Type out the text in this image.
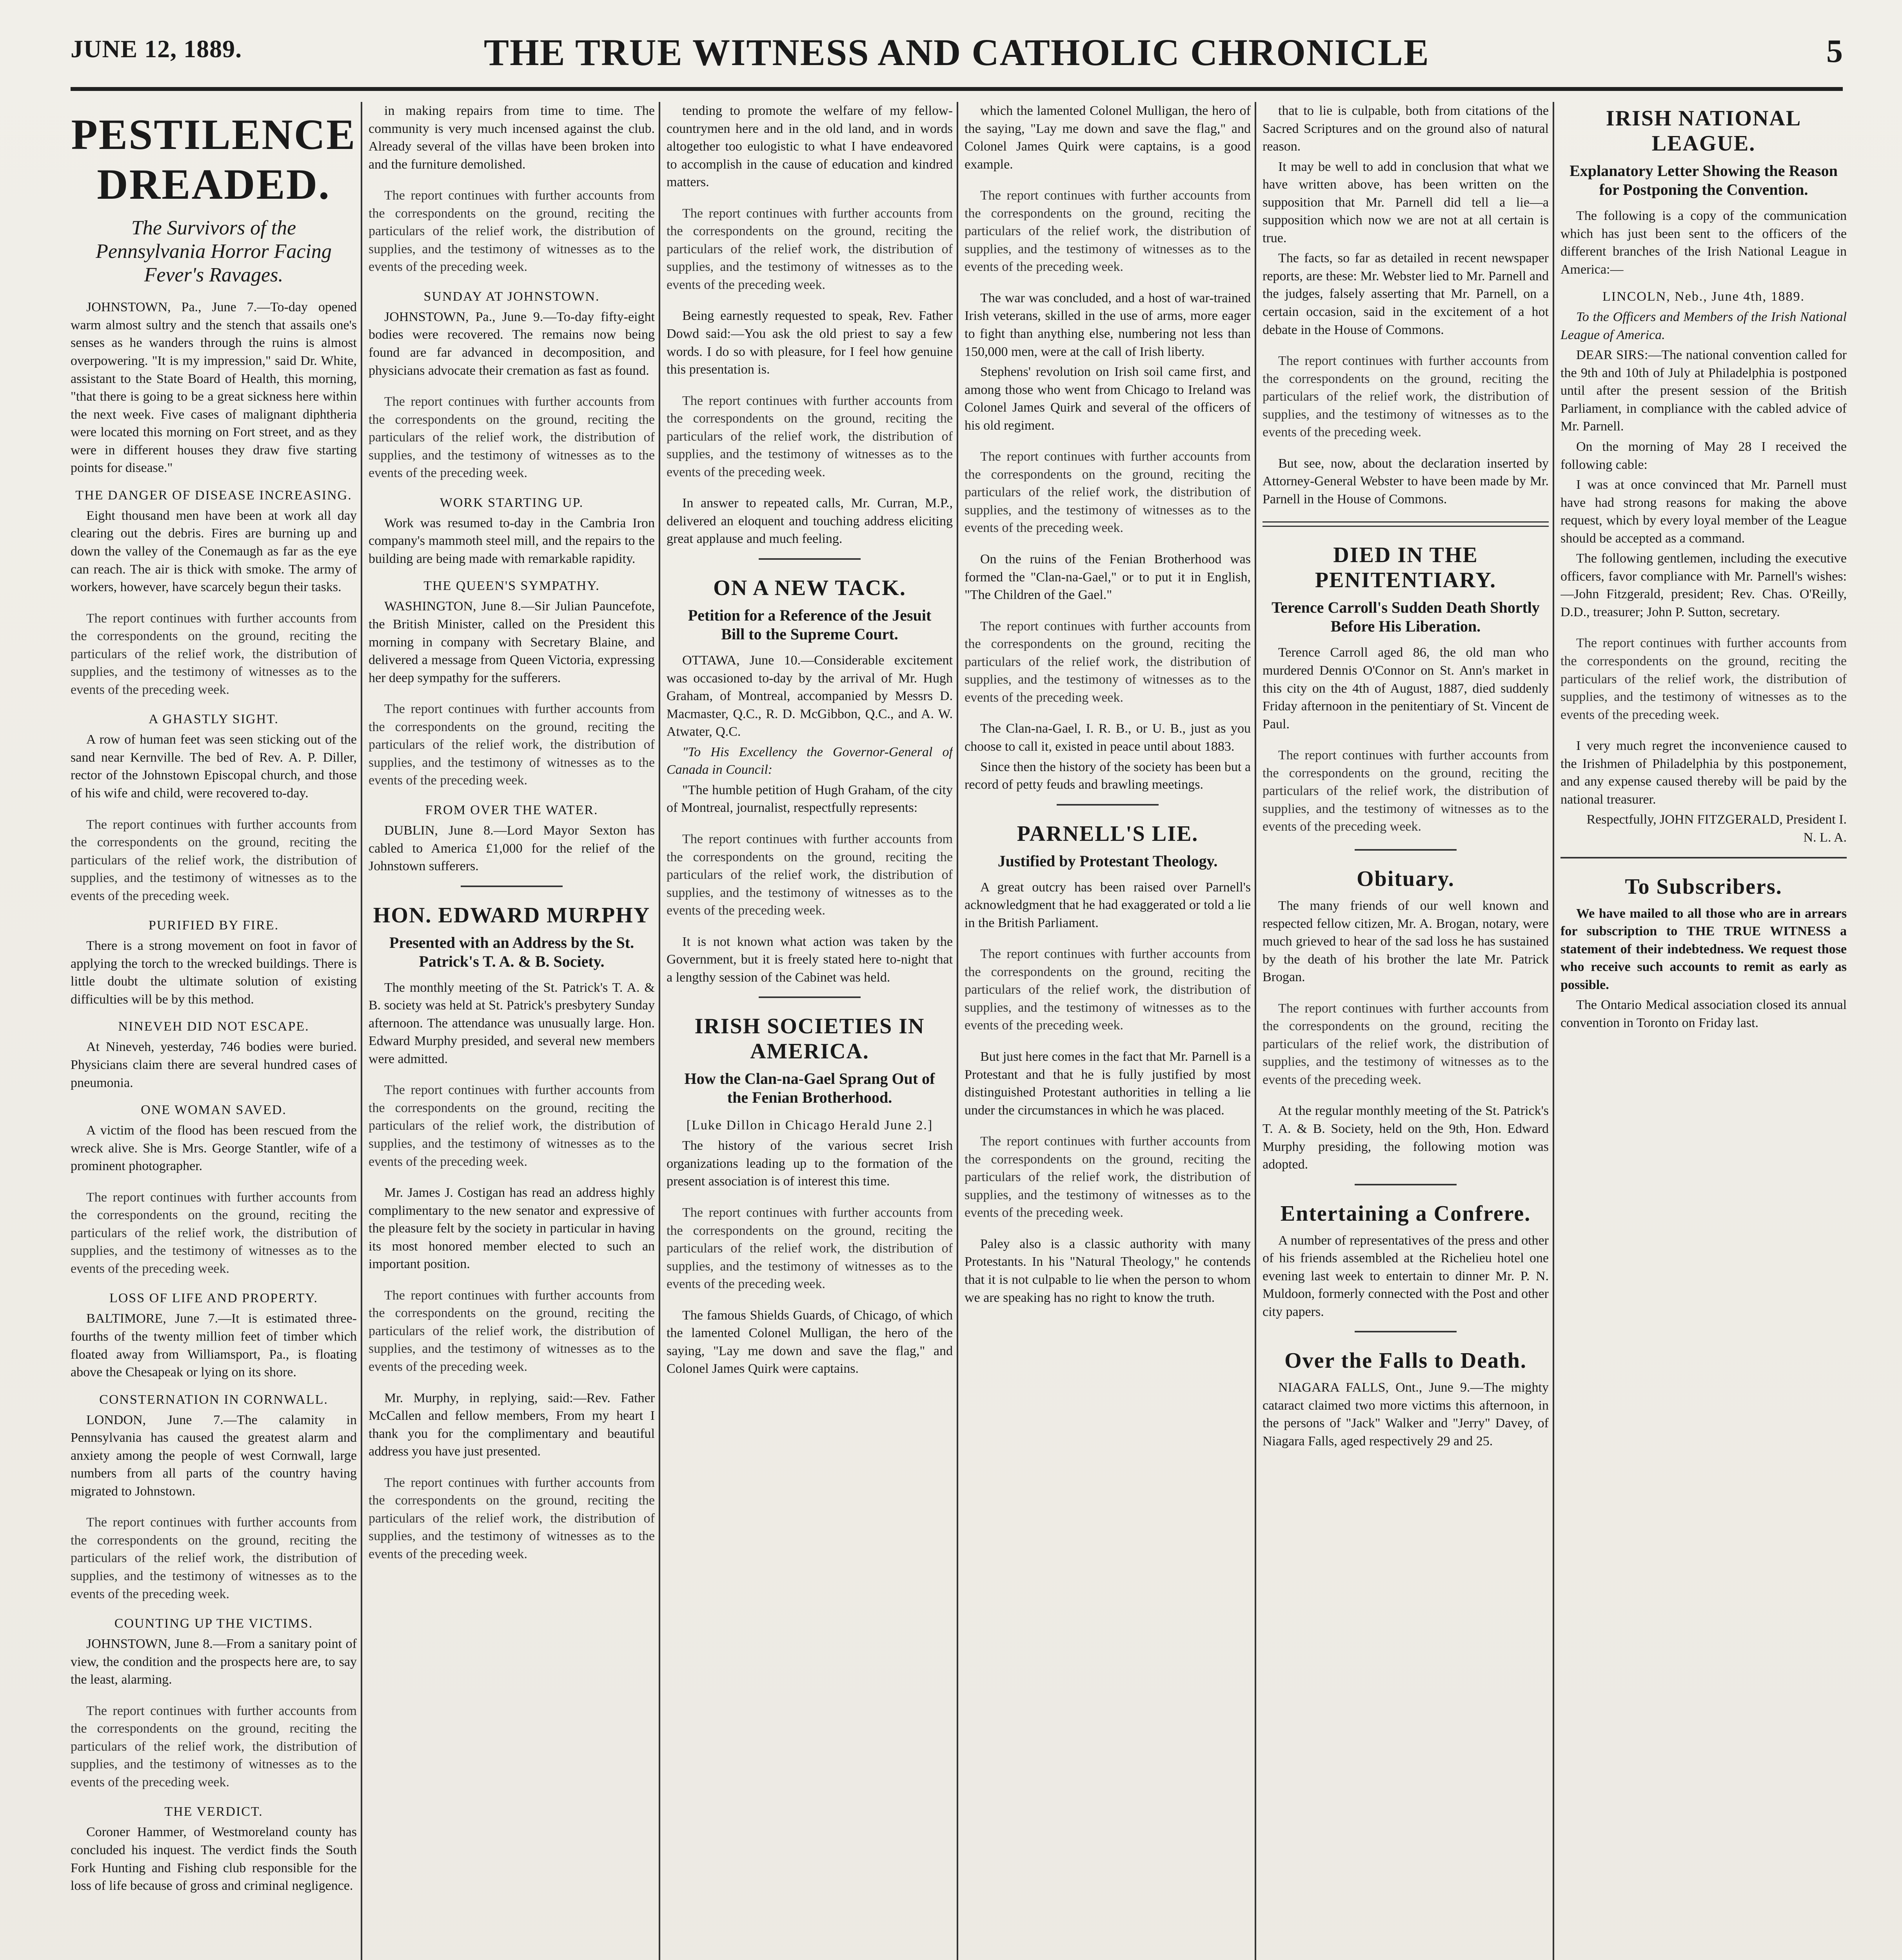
JUNE 12, 1889.	THE TRUE WITNESS AND CATHOLIC CHRONICLE	5
PESTILENCE DREADED.
The Survivors of the Pennsylvania Horror Facing Fever's Ravages.

JOHNSTOWN, Pa., June 7.—To-day opened warm almost sultry and the stench that assails one's senses as he wanders through the ruins is almost overpowering. "It is my impression," said Dr. White, assistant to the State Board of Health, this morning, "that there is going to be a great sickness here within the next week. Five cases of malignant diphtheria were located this morning on Fort street, and as they were in different houses they draw five starting points for disease."

THE DANGER OF DISEASE INCREASING.

Eight thousand men have been at work all day clearing out the debris. Fires are burning up and down the valley of the Conemaugh as far as the eye can reach. The air is thick with smoke. The army of workers, however, have scarcely begun their tasks.

The report continues with further accounts from the correspondents on the ground, reciting the particulars of the relief work, the distribution of supplies, and the testimony of witnesses as to the events of the preceding week.

A GHASTLY SIGHT.

A row of human feet was seen sticking out of the sand near Kernville. The bed of Rev. A. P. Diller, rector of the Johnstown Episcopal church, and those of his wife and child, were recovered to-day.

The report continues with further accounts from the correspondents on the ground, reciting the particulars of the relief work, the distribution of supplies, and the testimony of witnesses as to the events of the preceding week.

PURIFIED BY FIRE.

There is a strong movement on foot in favor of applying the torch to the wrecked buildings. There is little doubt the ultimate solution of existing difficulties will be by this method.

NINEVEH DID NOT ESCAPE.

At Nineveh, yesterday, 746 bodies were buried. Physicians claim there are several hundred cases of pneumonia.

ONE WOMAN SAVED.

A victim of the flood has been rescued from the wreck alive. She is Mrs. George Stantler, wife of a prominent photographer.

The report continues with further accounts from the correspondents on the ground, reciting the particulars of the relief work, the distribution of supplies, and the testimony of witnesses as to the events of the preceding week.

LOSS OF LIFE AND PROPERTY.

BALTIMORE, June 7.—It is estimated three-fourths of the twenty million feet of timber which floated away from Williamsport, Pa., is floating above the Chesapeak or lying on its shore.

CONSTERNATION IN CORNWALL.

LONDON, June 7.—The calamity in Pennsylvania has caused the greatest alarm and anxiety among the people of west Cornwall, large numbers from all parts of the country having migrated to Johnstown.

The report continues with further accounts from the correspondents on the ground, reciting the particulars of the relief work, the distribution of supplies, and the testimony of witnesses as to the events of the preceding week.

COUNTING UP THE VICTIMS.

JOHNSTOWN, June 8.—From a sanitary point of view, the condition and the prospects here are, to say the least, alarming.

The report continues with further accounts from the correspondents on the ground, reciting the particulars of the relief work, the distribution of supplies, and the testimony of witnesses as to the events of the preceding week.

THE VERDICT.

Coroner Hammer, of Westmoreland county has concluded his inquest. The verdict finds the South Fork Hunting and Fishing club responsible for the loss of life because of gross and criminal negligence.

in making repairs from time to time. The community is very much incensed against the club. Already several of the villas have been broken into and the furniture demolished.

The report continues with further accounts from the correspondents on the ground, reciting the particulars of the relief work, the distribution of supplies, and the testimony of witnesses as to the events of the preceding week.

SUNDAY AT JOHNSTOWN.

JOHNSTOWN, Pa., June 9.—To-day fifty-eight bodies were recovered. The remains now being found are far advanced in decomposition, and physicians advocate their cremation as fast as found.

The report continues with further accounts from the correspondents on the ground, reciting the particulars of the relief work, the distribution of supplies, and the testimony of witnesses as to the events of the preceding week.

WORK STARTING UP.

Work was resumed to-day in the Cambria Iron company's mammoth steel mill, and the repairs to the building are being made with remarkable rapidity.

THE QUEEN'S SYMPATHY.

WASHINGTON, June 8.—Sir Julian Pauncefote, the British Minister, called on the President this morning in company with Secretary Blaine, and delivered a message from Queen Victoria, expressing her deep sympathy for the sufferers.

The report continues with further accounts from the correspondents on the ground, reciting the particulars of the relief work, the distribution of supplies, and the testimony of witnesses as to the events of the preceding week.

FROM OVER THE WATER.

DUBLIN, June 8.—Lord Mayor Sexton has cabled to America £1,000 for the relief of the Johnstown sufferers.

HON. EDWARD MURPHY
Presented with an Address by the St. Patrick's T. A. & B. Society.

The monthly meeting of the St. Patrick's T. A. & B. society was held at St. Patrick's presbytery Sunday afternoon. The attendance was unusually large. Hon. Edward Murphy presided, and several new members were admitted.

The report continues with further accounts from the correspondents on the ground, reciting the particulars of the relief work, the distribution of supplies, and the testimony of witnesses as to the events of the preceding week.

Mr. James J. Costigan has read an address highly complimentary to the new senator and expressive of the pleasure felt by the society in particular in having its most honored member elected to such an important position.

The report continues with further accounts from the correspondents on the ground, reciting the particulars of the relief work, the distribution of supplies, and the testimony of witnesses as to the events of the preceding week.

Mr. Murphy, in replying, said:—Rev. Father McCallen and fellow members, From my heart I thank you for the complimentary and beautiful address you have just presented.

The report continues with further accounts from the correspondents on the ground, reciting the particulars of the relief work, the distribution of supplies, and the testimony of witnesses as to the events of the preceding week.

tending to promote the welfare of my fellow-countrymen here and in the old land, and in words altogether too eulogistic to what I have endeavored to accomplish in the cause of education and kindred matters.

The report continues with further accounts from the correspondents on the ground, reciting the particulars of the relief work, the distribution of supplies, and the testimony of witnesses as to the events of the preceding week.

Being earnestly requested to speak, Rev. Father Dowd said:—You ask the old priest to say a few words. I do so with pleasure, for I feel how genuine this presentation is.

The report continues with further accounts from the correspondents on the ground, reciting the particulars of the relief work, the distribution of supplies, and the testimony of witnesses as to the events of the preceding week.

In answer to repeated calls, Mr. Curran, M.P., delivered an eloquent and touching address eliciting great applause and much feeling.

ON A NEW TACK.
Petition for a Reference of the Jesuit Bill to the Supreme Court.

OTTAWA, June 10.—Considerable excitement was occasioned to-day by the arrival of Mr. Hugh Graham, of Montreal, accompanied by Messrs D. Macmaster, Q.C., R. D. McGibbon, Q.C., and A. W. Atwater, Q.C.

"To His Excellency the Governor-General of Canada in Council:

"The humble petition of Hugh Graham, of the city of Montreal, journalist, respectfully represents:

The report continues with further accounts from the correspondents on the ground, reciting the particulars of the relief work, the distribution of supplies, and the testimony of witnesses as to the events of the preceding week.

It is not known what action was taken by the Government, but it is freely stated here to-night that a lengthy session of the Cabinet was held.

IRISH SOCIETIES IN AMERICA.
How the Clan-na-Gael Sprang Out of the Fenian Brotherhood.
[Luke Dillon in Chicago Herald June 2.]

The history of the various secret Irish organizations leading up to the formation of the present association is of interest this time.

The report continues with further accounts from the correspondents on the ground, reciting the particulars of the relief work, the distribution of supplies, and the testimony of witnesses as to the events of the preceding week.

The famous Shields Guards, of Chicago, of which the lamented Colonel Mulligan, the hero of the saying, "Lay me down and save the flag," and Colonel James Quirk were captains.

which the lamented Colonel Mulligan, the hero of the saying, "Lay me down and save the flag," and Colonel James Quirk were captains, is a good example.

The report continues with further accounts from the correspondents on the ground, reciting the particulars of the relief work, the distribution of supplies, and the testimony of witnesses as to the events of the preceding week.

The war was concluded, and a host of war-trained Irish veterans, skilled in the use of arms, more eager to fight than anything else, numbering not less than 150,000 men, were at the call of Irish liberty.

Stephens' revolution on Irish soil came first, and among those who went from Chicago to Ireland was Colonel James Quirk and several of the officers of his old regiment.

The report continues with further accounts from the correspondents on the ground, reciting the particulars of the relief work, the distribution of supplies, and the testimony of witnesses as to the events of the preceding week.

On the ruins of the Fenian Brotherhood was formed the "Clan-na-Gael," or to put it in English, "The Children of the Gael."

The report continues with further accounts from the correspondents on the ground, reciting the particulars of the relief work, the distribution of supplies, and the testimony of witnesses as to the events of the preceding week.

The Clan-na-Gael, I. R. B., or U. B., just as you choose to call it, existed in peace until about 1883.

Since then the history of the society has been but a record of petty feuds and brawling meetings.

PARNELL'S LIE.
Justified by Protestant Theology.

A great outcry has been raised over Parnell's acknowledgment that he had exaggerated or told a lie in the British Parliament.

The report continues with further accounts from the correspondents on the ground, reciting the particulars of the relief work, the distribution of supplies, and the testimony of witnesses as to the events of the preceding week.

But just here comes in the fact that Mr. Parnell is a Protestant and that he is fully justified by most distinguished Protestant authorities in telling a lie under the circumstances in which he was placed.

The report continues with further accounts from the correspondents on the ground, reciting the particulars of the relief work, the distribution of supplies, and the testimony of witnesses as to the events of the preceding week.

Paley also is a classic authority with many Protestants. In his "Natural Theology," he contends that it is not culpable to lie when the person to whom we are speaking has no right to know the truth.

that to lie is culpable, both from citations of the Sacred Scriptures and on the ground also of natural reason.

It may be well to add in conclusion that what we have written above, has been written on the supposition that Mr. Parnell did tell a lie—a supposition which now we are not at all certain is true.

The facts, so far as detailed in recent newspaper reports, are these: Mr. Webster lied to Mr. Parnell and the judges, falsely asserting that Mr. Parnell, on a certain occasion, said in the excitement of a hot debate in the House of Commons.

The report continues with further accounts from the correspondents on the ground, reciting the particulars of the relief work, the distribution of supplies, and the testimony of witnesses as to the events of the preceding week.

But see, now, about the declaration inserted by Attorney-General Webster to have been made by Mr. Parnell in the House of Commons.

DIED IN THE PENITENTIARY.
Terence Carroll's Sudden Death Shortly Before His Liberation.

Terence Carroll aged 86, the old man who murdered Dennis O'Connor on St. Ann's market in this city on the 4th of August, 1887, died suddenly Friday afternoon in the penitentiary of St. Vincent de Paul.

The report continues with further accounts from the correspondents on the ground, reciting the particulars of the relief work, the distribution of supplies, and the testimony of witnesses as to the events of the preceding week.

Obituary.

The many friends of our well known and respected fellow citizen, Mr. A. Brogan, notary, were much grieved to hear of the sad loss he has sustained by the death of his brother the late Mr. Patrick Brogan.

The report continues with further accounts from the correspondents on the ground, reciting the particulars of the relief work, the distribution of supplies, and the testimony of witnesses as to the events of the preceding week.

At the regular monthly meeting of the St. Patrick's T. A. & B. Society, held on the 9th, Hon. Edward Murphy presiding, the following motion was adopted.

Entertaining a Confrere.

A number of representatives of the press and other of his friends assembled at the Richelieu hotel one evening last week to entertain to dinner Mr. P. N. Muldoon, formerly connected with the Post and other city papers.

Over the Falls to Death.

NIAGARA FALLS, Ont., June 9.—The mighty cataract claimed two more victims this afternoon, in the persons of "Jack" Walker and "Jerry" Davey, of Niagara Falls, aged respectively 29 and 25.

IRISH NATIONAL LEAGUE.
Explanatory Letter Showing the Reason for Postponing the Convention.

The following is a copy of the communication which has just been sent to the officers of the different branches of the Irish National League in America:—

LINCOLN, Neb., June 4th, 1889.

To the Officers and Members of the Irish National League of America.

DEAR SIRS:—The national convention called for the 9th and 10th of July at Philadelphia is postponed until after the present session of the British Parliament, in compliance with the cabled advice of Mr. Parnell.

On the morning of May 28 I received the following cable:

I was at once convinced that Mr. Parnell must have had strong reasons for making the above request, which by every loyal member of the League should be accepted as a command.

The following gentlemen, including the executive officers, favor compliance with Mr. Parnell's wishes:—John Fitzgerald, president; Rev. Chas. O'Reilly, D.D., treasurer; John P. Sutton, secretary.

The report continues with further accounts from the correspondents on the ground, reciting the particulars of the relief work, the distribution of supplies, and the testimony of witnesses as to the events of the preceding week.

I very much regret the inconvenience caused to the Irishmen of Philadelphia by this postponement, and any expense caused thereby will be paid by the national treasurer.

Respectfully, JOHN FITZGERALD, President I. N. L. A.

To Subscribers.

We have mailed to all those who are in arrears for subscription to THE TRUE WITNESS a statement of their indebtedness. We request those who receive such accounts to remit as early as possible.

The Ontario Medical association closed its annual convention in Toronto on Friday last.
